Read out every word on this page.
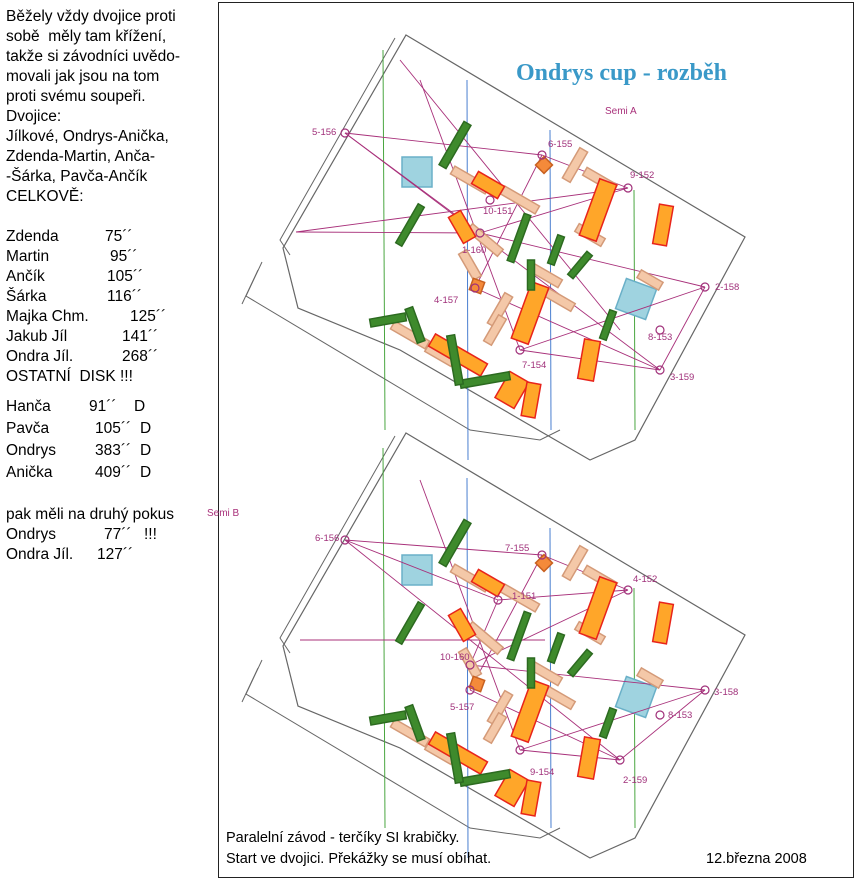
Běžely vždy dvojice proti
sobě  měly tam křížení,
takže si závodníci uvědo-
movali jak jsou na tom
proti svému soupeři.
Dvojice:
Jílkové, Ondrys-Anička,
Zdenda-Martin, Anča-
-Šárka, Pavča-Ančík
CELKOVĚ:
Zdenda	75´´
Martin	95´´
Ančík	105´´
Šárka	116´´
Majka Chm.	125´´
Jakub Jíl	141´´
Ondra Jíl.	268´´
OSTATNÍ  DISK !!!
Hanča 91´´ D
Pavča	105´´ D
Ondrys	383´´ D
Anička	409´´ D
pak měli na druhý pokus
Ondrys	77´´ !!!
Ondra Jíl. 127´´
Semi A
5-156
6-155
9-152
10-151
1-160
4-157
2-158
8-153
7-154
3-159
Semi B
6-156
7-155
4-152
1-151
10-160
5-157
3-158
8-153
9-154
2-159
Ondrys cup - rozběh
Paralelní závod - terčíky SI krabičky.
Start ve dvojici. Překážky se musí obíhat.	12.března 2008
